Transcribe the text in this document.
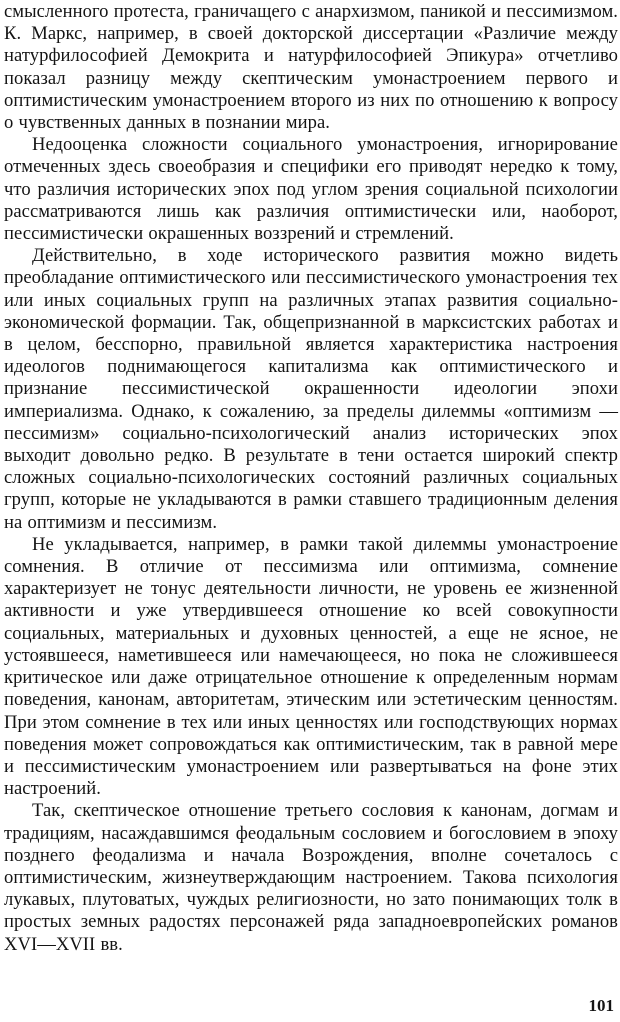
смысленного протеста, граничащего с анархизмом, паникой и пессимизмом. К. Маркс, например, в своей докторской диссертации «Различие между натурфилософией Демокрита и натурфилософией Эпикура» отчетливо показал разницу между скептическим умонастроением первого и оптимистическим умонастроением второго из них по отношению к вопросу о чувственных данных в познании мира.

Недооценка сложности социального умонастроения, игнорирование отмеченных здесь своеобразия и специфики его приводят нередко к тому, что различия исторических эпох под углом зрения социальной психологии рассматриваются лишь как различия оптимистически или, наоборот, пессимистически окрашенных воззрений и стремлений.

Действительно, в ходе исторического развития можно видеть преобладание оптимистического или пессимистического умонастроения тех или иных социальных групп на различных этапах развития социально-экономической формации. Так, общепризнанной в марксистских работах и в целом, бесспорно, правильной является характеристика настроения идеологов поднимающегося капитализма как оптимистического и признание пессимистической окрашенности идеологии эпохи империализма. Однако, к сожалению, за пределы дилеммы «оптимизм — пессимизм» социально-психологический анализ исторических эпох выходит довольно редко. В результате в тени остается широкий спектр сложных социально-психологических состояний различных социальных групп, которые не укладываются в рамки ставшего традиционным деления на оптимизм и пессимизм.

Не укладывается, например, в рамки такой дилеммы умонастроение сомнения. В отличие от пессимизма или оптимизма, сомнение характеризует не тонус деятельности личности, не уровень ее жизненной активности и уже утвердившееся отношение ко всей совокупности социальных, материальных и духовных ценностей, а еще не ясное, не устоявшееся, наметившееся или намечающееся, но пока не сложившееся критическое или даже отрицательное отношение к определенным нормам поведения, канонам, авторитетам, этическим или эстетическим ценностям. При этом сомнение в тех или иных ценностях или господствующих нормах поведения может сопровождаться как оптимистическим, так в равной мере и пессимистическим умонастроением или развертываться на фоне этих настроений.

Так, скептическое отношение третьего сословия к канонам, догмам и традициям, насаждавшимся феодальным сословием и богословием в эпоху позднего феодализма и начала Возрождения, вполне сочеталось с оптимистическим, жизнеутверждающим настроением. Такова психология лукавых, плутоватых, чуждых религиозности, но зато понимающих толк в простых земных радостях персонажей ряда западноевропейских романов XVI—XVII вв.

101
